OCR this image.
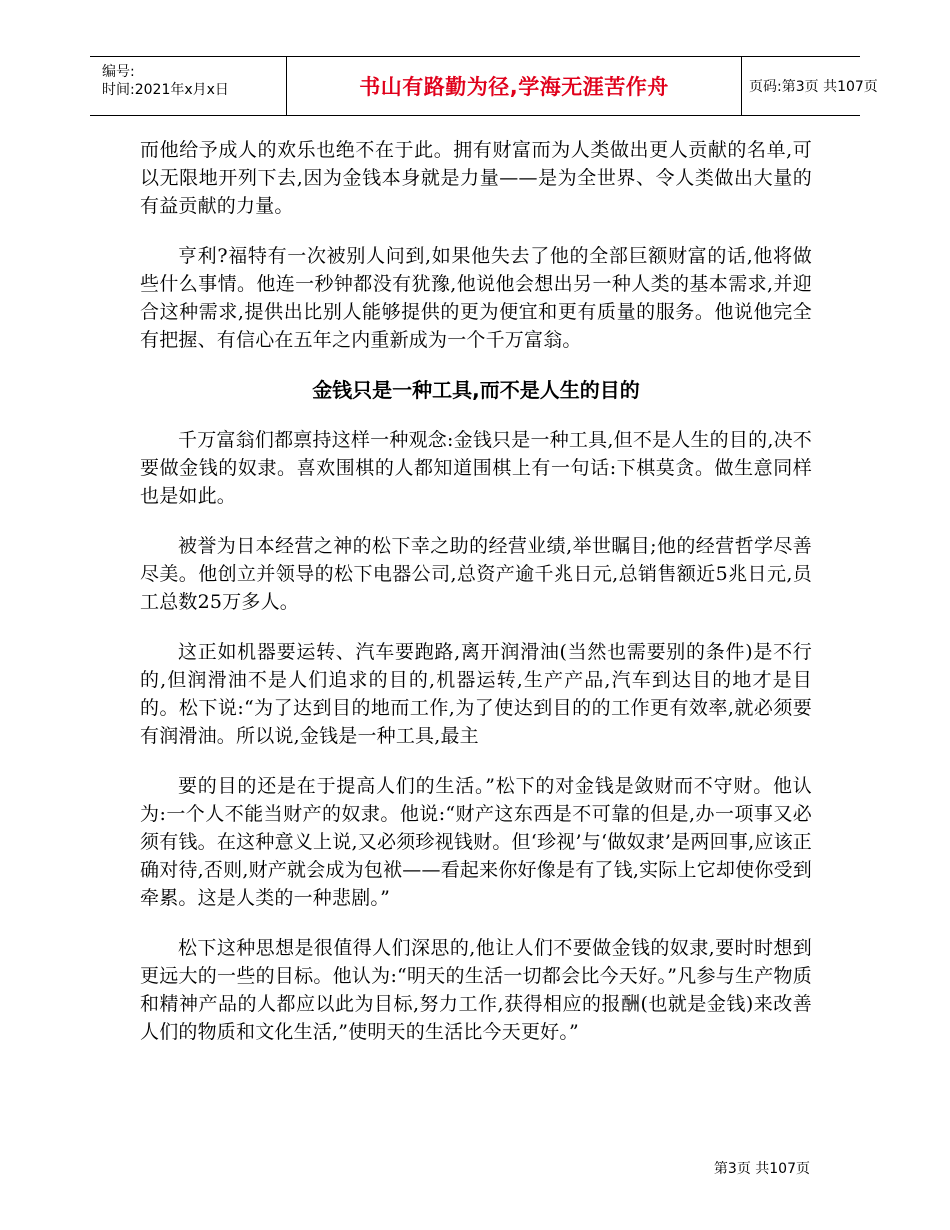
编号:
时间:2021年x月x日	书山有路勤为径,学海无涯苦作舟	页码:第3页 共107页

而他给予成人的欢乐也绝不在于此。拥有财富而为人类做出更人贡献的名单,可以无限地开列下去,因为金钱本身就是力量——是为全世界、令人类做出大量的有益贡献的力量。

亨利?福特有一次被别人问到,如果他失去了他的全部巨额财富的话,他将做些什么事情。他连一秒钟都没有犹豫,他说他会想出另一种人类的基本需求,并迎合这种需求,提供出比别人能够提供的更为便宜和更有质量的服务。他说他完全有把握、有信心在五年之内重新成为一个千万富翁。

金钱只是一种工具,而不是人生的目的

千万富翁们都禀持这样一种观念:金钱只是一种工具,但不是人生的目的,决不要做金钱的奴隶。喜欢围棋的人都知道围棋上有一句话:下棋莫贪。做生意同样也是如此。

被誉为日本经营之神的松下幸之助的经营业绩,举世瞩目;他的经营哲学尽善尽美。他创立并领导的松下电器公司,总资产逾千兆日元,总销售额近5兆日元,员工总数25万多人。

这正如机器要运转、汽车要跑路,离开润滑油(当然也需要别的条件)是不行的,但润滑油不是人们追求的目的,机器运转,生产产品,汽车到达目的地才是目的。松下说:“为了达到目的地而工作,为了使达到目的的工作更有效率,就必须要有润滑油。所以说,金钱是一种工具,最主

要的目的还是在于提高人们的生活。”松下的对金钱是敛财而不守财。他认为:一个人不能当财产的奴隶。他说:“财产这东西是不可靠的但是,办一项事又必须有钱。在这种意义上说,又必须珍视钱财。但‘珍视’与‘做奴隶’是两回事,应该正确对待,否则,财产就会成为包袱——看起来你好像是有了钱,实际上它却使你受到牵累。这是人类的一种悲剧。”

松下这种思想是很值得人们深思的,他让人们不要做金钱的奴隶,要时时想到更远大的一些的目标。他认为:“明天的生活一切都会比今天好。”凡参与生产物质和精神产品的人都应以此为目标,努力工作,获得相应的报酬(也就是金钱)来改善人们的物质和文化生活,”使明天的生活比今天更好。”

第3页 共107页
